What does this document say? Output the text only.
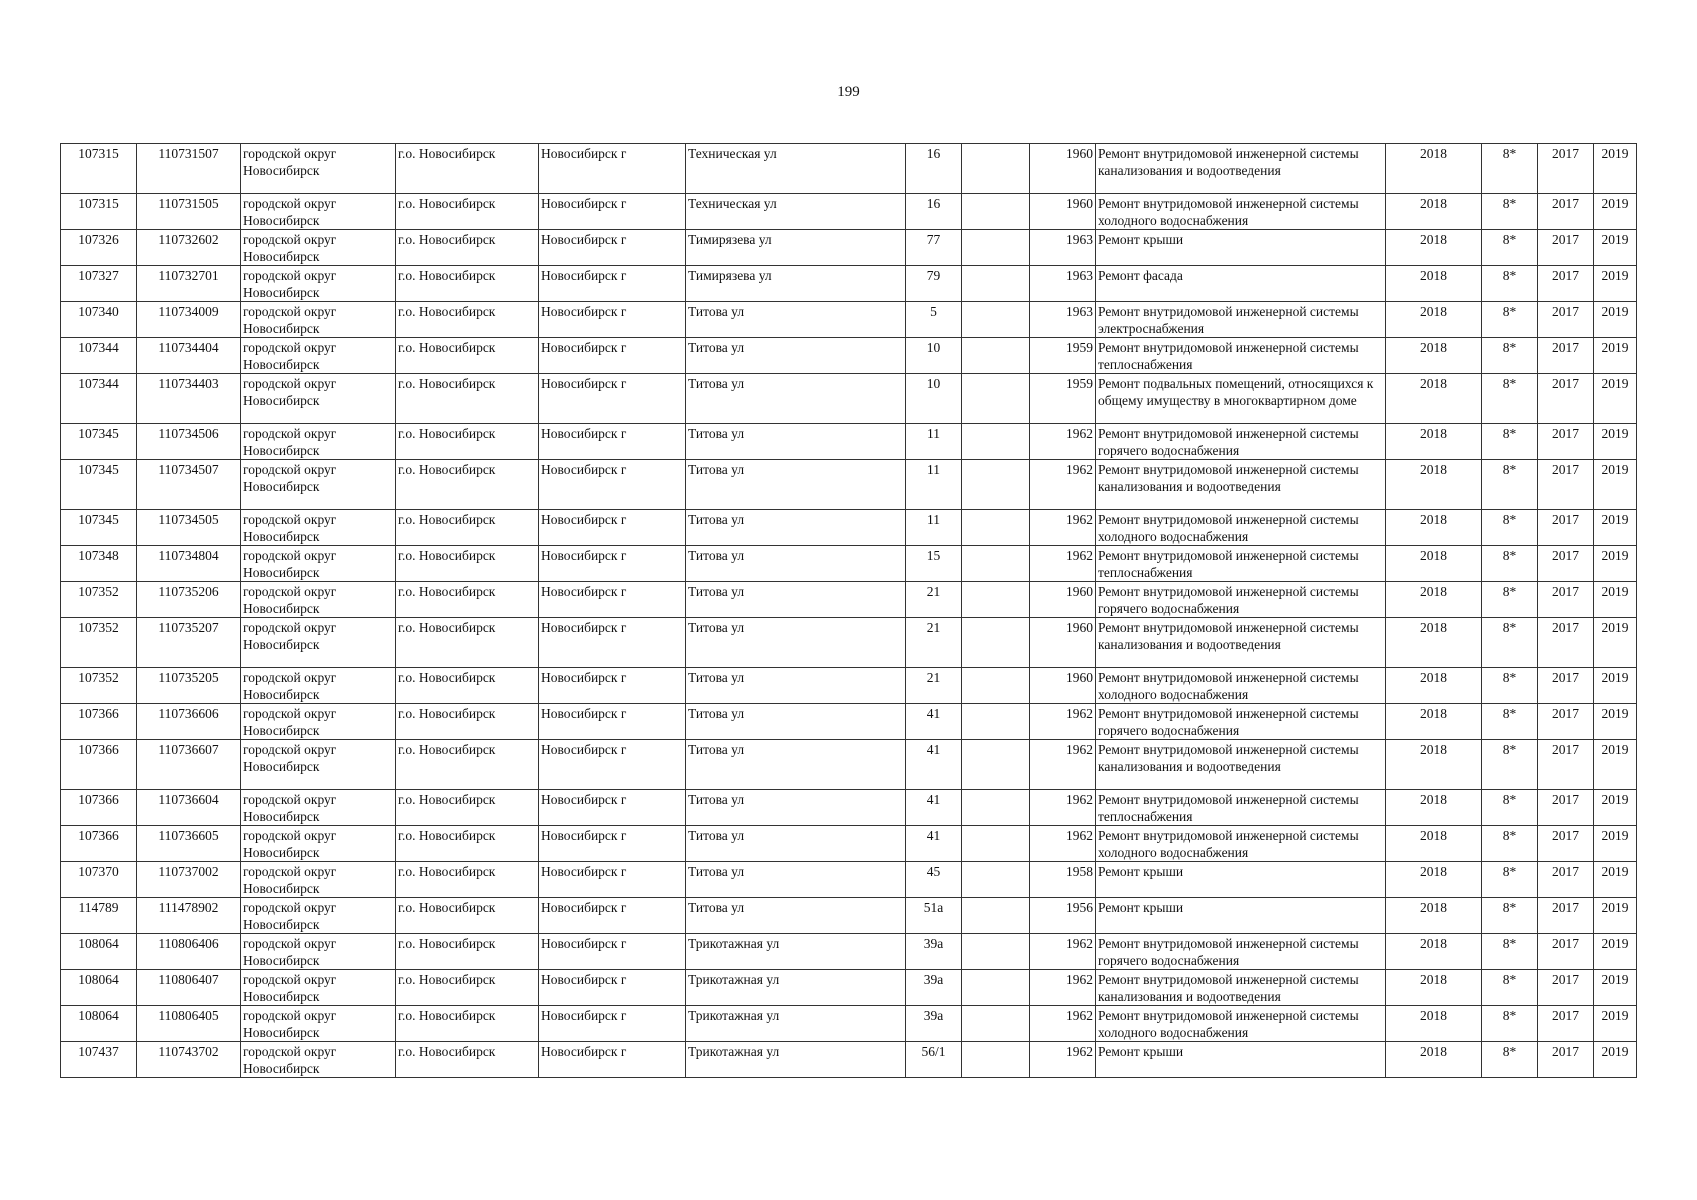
199
107315	110731507	городской округ Новосибирск	г.о. Новосибирск	Новосибирск г	Техническая ул	16		1960	Ремонт внутридомовой инженерной системы канализования и водоотведения	2018	8*	2017	2019
107315	110731505	городской округ Новосибирск	г.о. Новосибирск	Новосибирск г	Техническая ул	16		1960	Ремонт внутридомовой инженерной системы холодного водоснабжения	2018	8*	2017	2019
107326	110732602	городской округ Новосибирск	г.о. Новосибирск	Новосибирск г	Тимирязева ул	77		1963	Ремонт крыши	2018	8*	2017	2019
107327	110732701	городской округ Новосибирск	г.о. Новосибирск	Новосибирск г	Тимирязева ул	79		1963	Ремонт фасада	2018	8*	2017	2019
107340	110734009	городской округ Новосибирск	г.о. Новосибирск	Новосибирск г	Титова ул	5		1963	Ремонт внутридомовой инженерной системы электроснабжения	2018	8*	2017	2019
107344	110734404	городской округ Новосибирск	г.о. Новосибирск	Новосибирск г	Титова ул	10		1959	Ремонт внутридомовой инженерной системы теплоснабжения	2018	8*	2017	2019
107344	110734403	городской округ Новосибирск	г.о. Новосибирск	Новосибирск г	Титова ул	10		1959	Ремонт подвальных помещений, относящихся к общему имуществу в многоквартирном доме	2018	8*	2017	2019
107345	110734506	городской округ Новосибирск	г.о. Новосибирск	Новосибирск г	Титова ул	11		1962	Ремонт внутридомовой инженерной системы горячего водоснабжения	2018	8*	2017	2019
107345	110734507	городской округ Новосибирск	г.о. Новосибирск	Новосибирск г	Титова ул	11		1962	Ремонт внутридомовой инженерной системы канализования и водоотведения	2018	8*	2017	2019
107345	110734505	городской округ Новосибирск	г.о. Новосибирск	Новосибирск г	Титова ул	11		1962	Ремонт внутридомовой инженерной системы холодного водоснабжения	2018	8*	2017	2019
107348	110734804	городской округ Новосибирск	г.о. Новосибирск	Новосибирск г	Титова ул	15		1962	Ремонт внутридомовой инженерной системы теплоснабжения	2018	8*	2017	2019
107352	110735206	городской округ Новосибирск	г.о. Новосибирск	Новосибирск г	Титова ул	21		1960	Ремонт внутридомовой инженерной системы горячего водоснабжения	2018	8*	2017	2019
107352	110735207	городской округ Новосибирск	г.о. Новосибирск	Новосибирск г	Титова ул	21		1960	Ремонт внутридомовой инженерной системы канализования и водоотведения	2018	8*	2017	2019
107352	110735205	городской округ Новосибирск	г.о. Новосибирск	Новосибирск г	Титова ул	21		1960	Ремонт внутридомовой инженерной системы холодного водоснабжения	2018	8*	2017	2019
107366	110736606	городской округ Новосибирск	г.о. Новосибирск	Новосибирск г	Титова ул	41		1962	Ремонт внутридомовой инженерной системы горячего водоснабжения	2018	8*	2017	2019
107366	110736607	городской округ Новосибирск	г.о. Новосибирск	Новосибирск г	Титова ул	41		1962	Ремонт внутридомовой инженерной системы канализования и водоотведения	2018	8*	2017	2019
107366	110736604	городской округ Новосибирск	г.о. Новосибирск	Новосибирск г	Титова ул	41		1962	Ремонт внутридомовой инженерной системы теплоснабжения	2018	8*	2017	2019
107366	110736605	городской округ Новосибирск	г.о. Новосибирск	Новосибирск г	Титова ул	41		1962	Ремонт внутридомовой инженерной системы холодного водоснабжения	2018	8*	2017	2019
107370	110737002	городской округ Новосибирск	г.о. Новосибирск	Новосибирск г	Титова ул	45		1958	Ремонт крыши	2018	8*	2017	2019
114789	111478902	городской округ Новосибирск	г.о. Новосибирск	Новосибирск г	Титова ул	51а		1956	Ремонт крыши	2018	8*	2017	2019
108064	110806406	городской округ Новосибирск	г.о. Новосибирск	Новосибирск г	Трикотажная ул	39а		1962	Ремонт внутридомовой инженерной системы горячего водоснабжения	2018	8*	2017	2019
108064	110806407	городской округ Новосибирск	г.о. Новосибирск	Новосибирск г	Трикотажная ул	39а		1962	Ремонт внутридомовой инженерной системы канализования и водоотведения	2018	8*	2017	2019
108064	110806405	городской округ Новосибирск	г.о. Новосибирск	Новосибирск г	Трикотажная ул	39а		1962	Ремонт внутридомовой инженерной системы холодного водоснабжения	2018	8*	2017	2019
107437	110743702	городской округ Новосибирск	г.о. Новосибирск	Новосибирск г	Трикотажная ул	56/1		1962	Ремонт крыши	2018	8*	2017	2019
